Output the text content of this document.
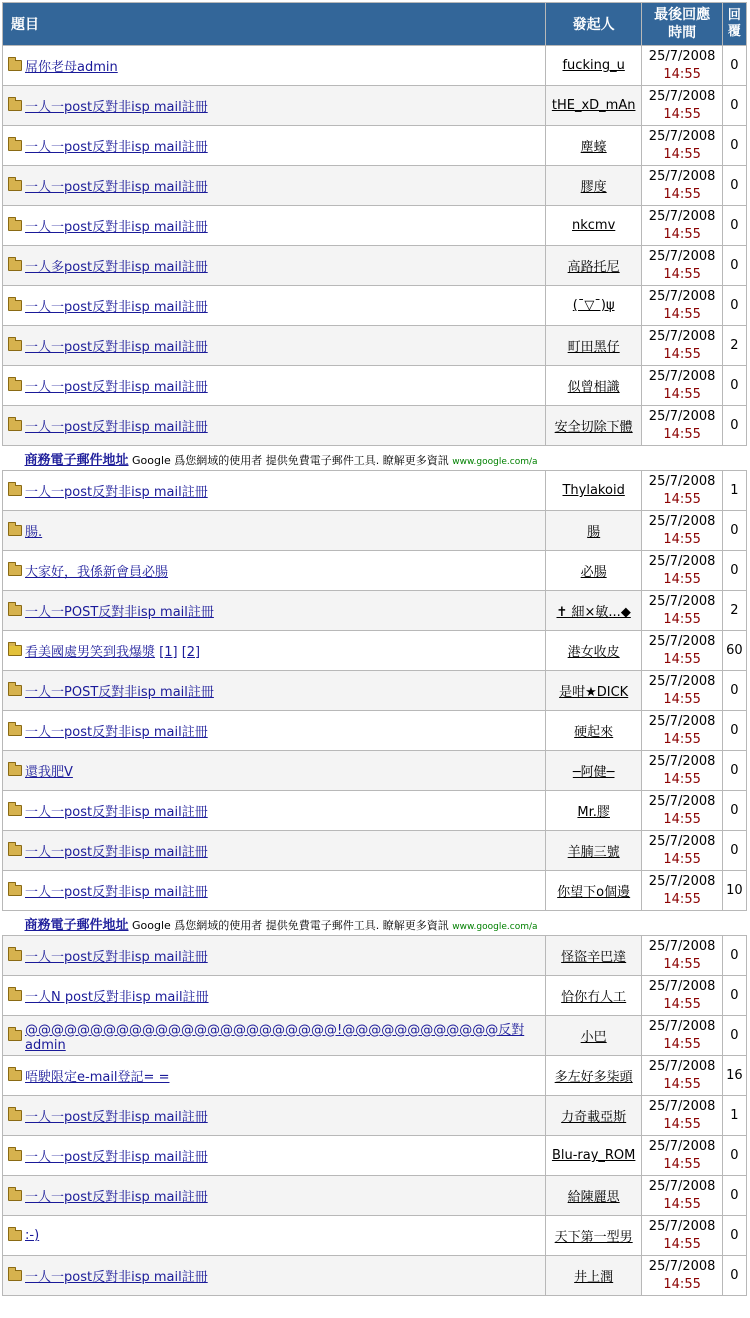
題目	發起人	最後回應
時間	回
覆

屌你老母admin	fucking_u	25/7/2008
14:55	0

一人一post反對非isp mail註冊	tHE_xD_mAn	25/7/2008
14:55	0

一人一post反對非isp mail註冊	塵蠔	25/7/2008
14:55	0

一人一post反對非isp mail註冊	膠度	25/7/2008
14:55	0

一人一post反對非isp mail註冊	nkcmv	25/7/2008
14:55	0

一人多post反對非isp mail註冊	高路托尼	25/7/2008
14:55	0

一人一post反對非isp mail註冊	(¯▽¯)ψ	25/7/2008
14:55	0

一人一post反對非isp mail註冊	町田黑仔	25/7/2008
14:55	2

一人一post反對非isp mail註冊	似曾相識	25/7/2008
14:55	0

一人一post反對非isp mail註冊	安全切除下體	25/7/2008
14:55	0
商務電子郵件地址 Google 爲您網域的使用者 提供免費電子郵件工具. 瞭解更多資訊 www.google.com/a			

一人一post反對非isp mail註冊	Thylakoid	25/7/2008
14:55	1

腸.	腸	25/7/2008
14:55	0

大家好，我係新會員必腸	必腸	25/7/2008
14:55	0

一人一POST反對非isp mail註冊	✝ 細×敏...◆	25/7/2008
14:55	2

看美國處男笑到我爆漿 [1] [2]	港女收皮	25/7/2008
14:55	60

一人一POST反對非isp mail註冊	是咁★DICK	25/7/2008
14:55	0

一人一post反對非isp mail註冊	硬起來	25/7/2008
14:55	0

還我肥V	─阿健─	25/7/2008
14:55	0

一人一post反對非isp mail註冊	Mr.膠	25/7/2008
14:55	0

一人一post反對非isp mail註冊	羊腩三號	25/7/2008
14:55	0

一人一post反對非isp mail註冊	你望下o個邊	25/7/2008
14:55	10
商務電子郵件地址 Google 爲您網域的使用者 提供免費電子郵件工具. 瞭解更多資訊 www.google.com/a			

一人一post反對非isp mail註冊	怪盜辛巴達	25/7/2008
14:55	0

一人N post反對非isp mail註冊	恰你冇人工	25/7/2008
14:55	0

@@@@@@@@@@@@@@@@@@@@@@@@!@@@@@@@@@@@@反對admin	小巴	25/7/2008
14:55	0

唔駛限定e-mail登記= =	多左好多柒頭	25/7/2008
14:55	16

一人一post反對非isp mail註冊	力奇載亞斯	25/7/2008
14:55	1

一人一post反對非isp mail註冊	Blu-ray_ROM	25/7/2008
14:55	0

一人一post反對非isp mail註冊	給陳麗思	25/7/2008
14:55	0

:-)	天下第一型男	25/7/2008
14:55	0

一人一post反對非isp mail註冊	井上潤	25/7/2008
14:55	0
